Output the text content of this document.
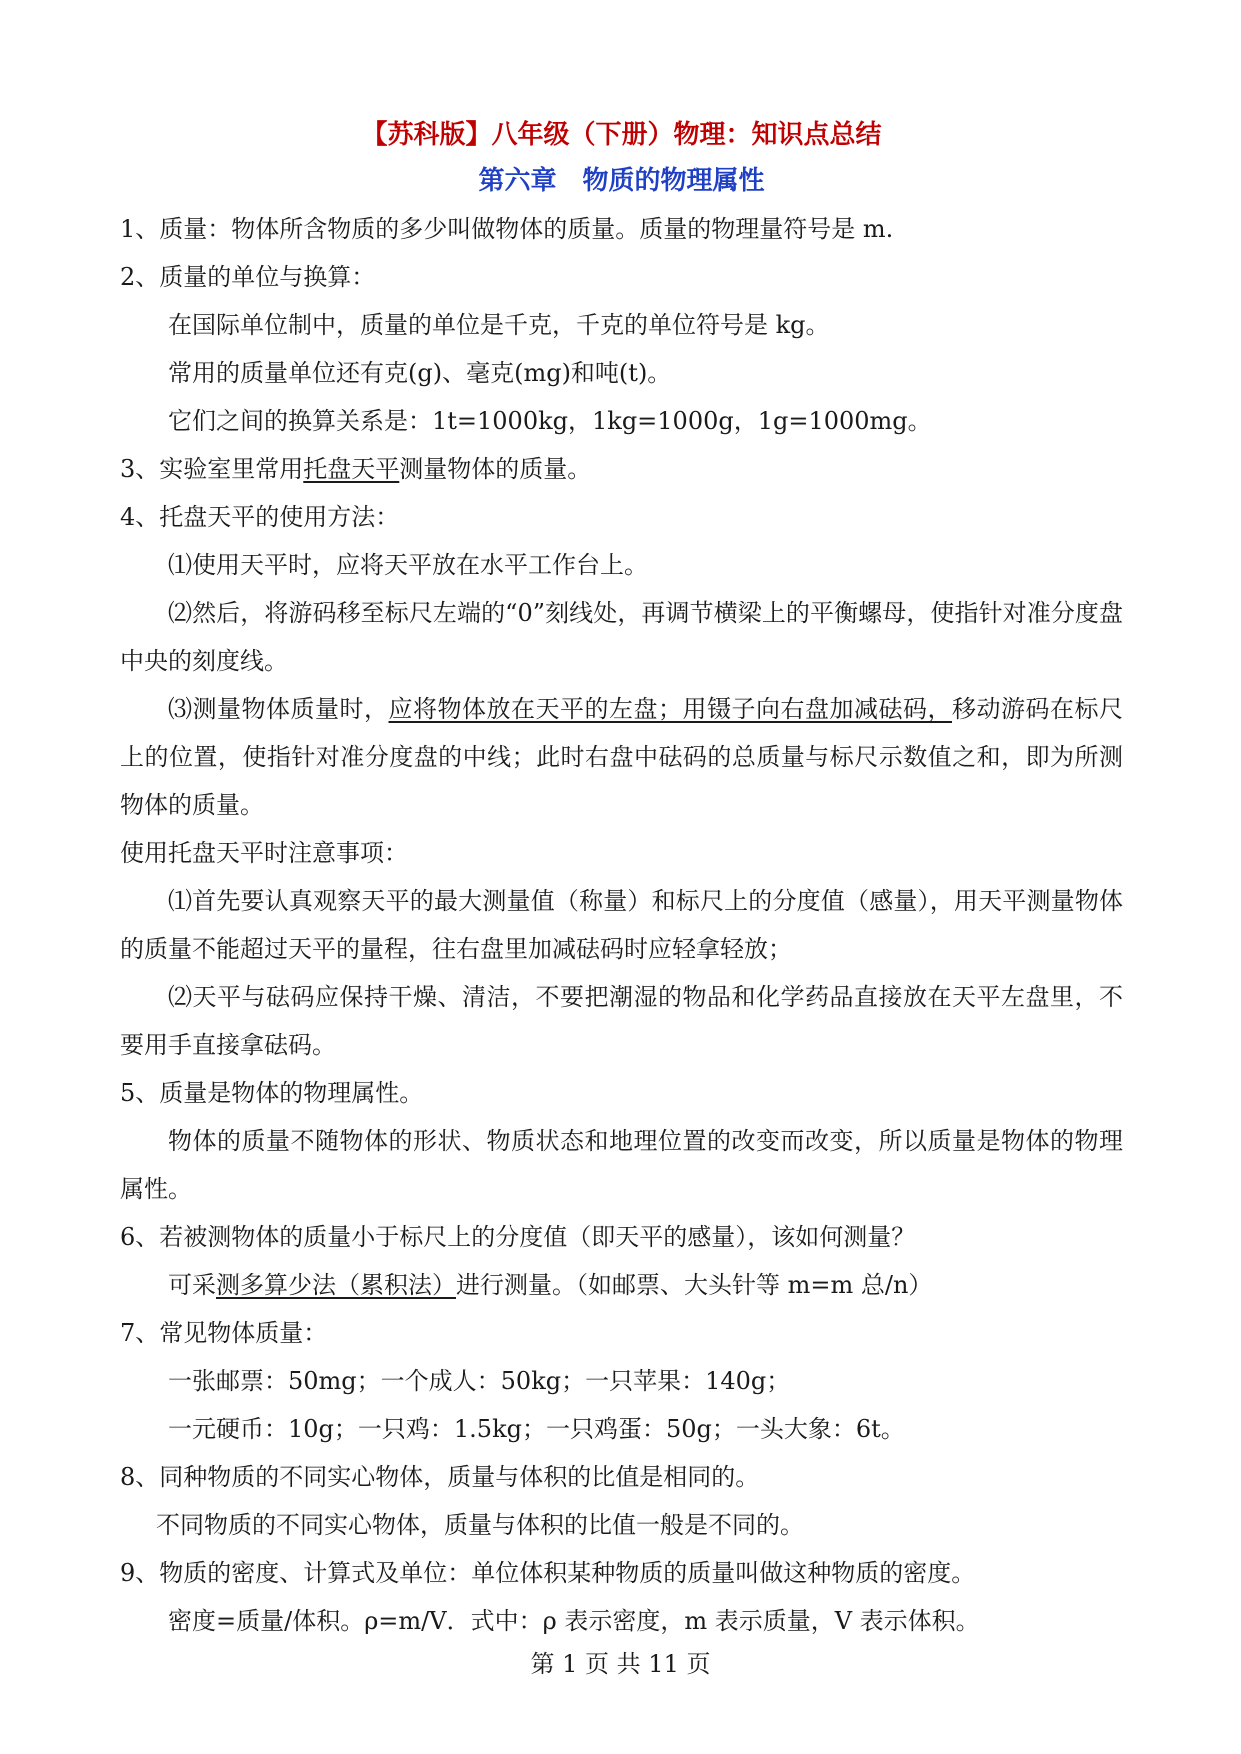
【苏科版】八年级（下册）物理：知识点总结
第六章　物质的物理属性
1、质量：物体所含物质的多少叫做物体的质量。质量的物理量符号是 m.
2、质量的单位与换算：
在国际单位制中，质量的单位是千克，千克的单位符号是 kg。
常用的质量单位还有克(g)、毫克(mg)和吨(t)。
它们之间的换算关系是：1t=1000kg，1kg=1000g，1g=1000mg。
3、实验室里常用托盘天平测量物体的质量。
4、托盘天平的使用方法：
⑴使用天平时，应将天平放在水平工作台上。
⑵然后，将游码移至标尺左端的“0”刻线处，再调节横梁上的平衡螺母，使指针对准分度盘中央的刻度线。
⑶测量物体质量时，应将物体放在天平的左盘；用镊子向右盘加减砝码，移动游码在标尺上的位置，使指针对准分度盘的中线；此时右盘中砝码的总质量与标尺示数值之和，即为所测物体的质量。
使用托盘天平时注意事项：
⑴首先要认真观察天平的最大测量值（称量）和标尺上的分度值（感量），用天平测量物体的质量不能超过天平的量程，往右盘里加减砝码时应轻拿轻放；
⑵天平与砝码应保持干燥、清洁，不要把潮湿的物品和化学药品直接放在天平左盘里，不要用手直接拿砝码。
5、质量是物体的物理属性。
物体的质量不随物体的形状、物质状态和地理位置的改变而改变，所以质量是物体的物理属性。
6、若被测物体的质量小于标尺上的分度值（即天平的感量），该如何测量？
可采测多算少法（累积法）进行测量。（如邮票、大头针等 m=m 总/n）
7、常见物体质量：
一张邮票：50mg；一个成人：50kg；一只苹果：140g；
一元硬币：10g；一只鸡：1.5kg；一只鸡蛋：50g；一头大象：6t。
8、同种物质的不同实心物体，质量与体积的比值是相同的。
不同物质的不同实心物体，质量与体积的比值一般是不同的。
9、物质的密度、计算式及单位：单位体积某种物质的质量叫做这种物质的密度。
密度=质量/体积。ρ=m/V．式中：ρ 表示密度，m 表示质量，V 表示体积。
第 1 页 共 11 页
